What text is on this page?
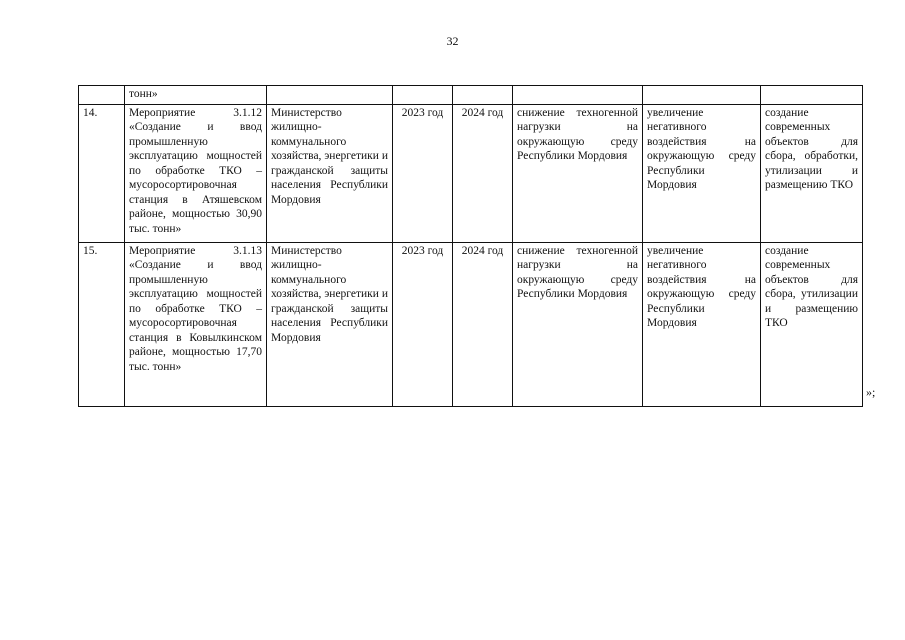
32
	тонн»						
14.	Мероприятие 3.1.12 «Создание и ввод промышленную эксплуатацию мощностей по обработке ТКО – мусоросортировочная станция в Атяшевском районе, мощностью 30,90 тыс. тонн»	Министерство жилищно-коммунального хозяйства, энергетики и гражданской защиты населения Республики Мордовия	2023 год	2024 год	снижение техногенной нагрузки на окружающую среду Республики Мордовия	увеличение негативного воздействия на окружающую среду Республики Мордовия	создание современных объектов для сбора, обработки, утилизации и размещению ТКО
15.	Мероприятие 3.1.13 «Создание и ввод промышленную эксплуатацию мощностей по обработке ТКО – мусоросортировочная станция в Ковылкинском районе, мощностью 17,70 тыс. тонн»	Министерство жилищно-коммунального хозяйства, энергетики и гражданской защиты населения Республики Мордовия	2023 год	2024 год	снижение техногенной нагрузки на окружающую среду Республики Мордовия	увеличение негативного воздействия на окружающую среду Республики Мордовия	создание современных объектов для сбора, утилизации и размещению ТКО
»;
